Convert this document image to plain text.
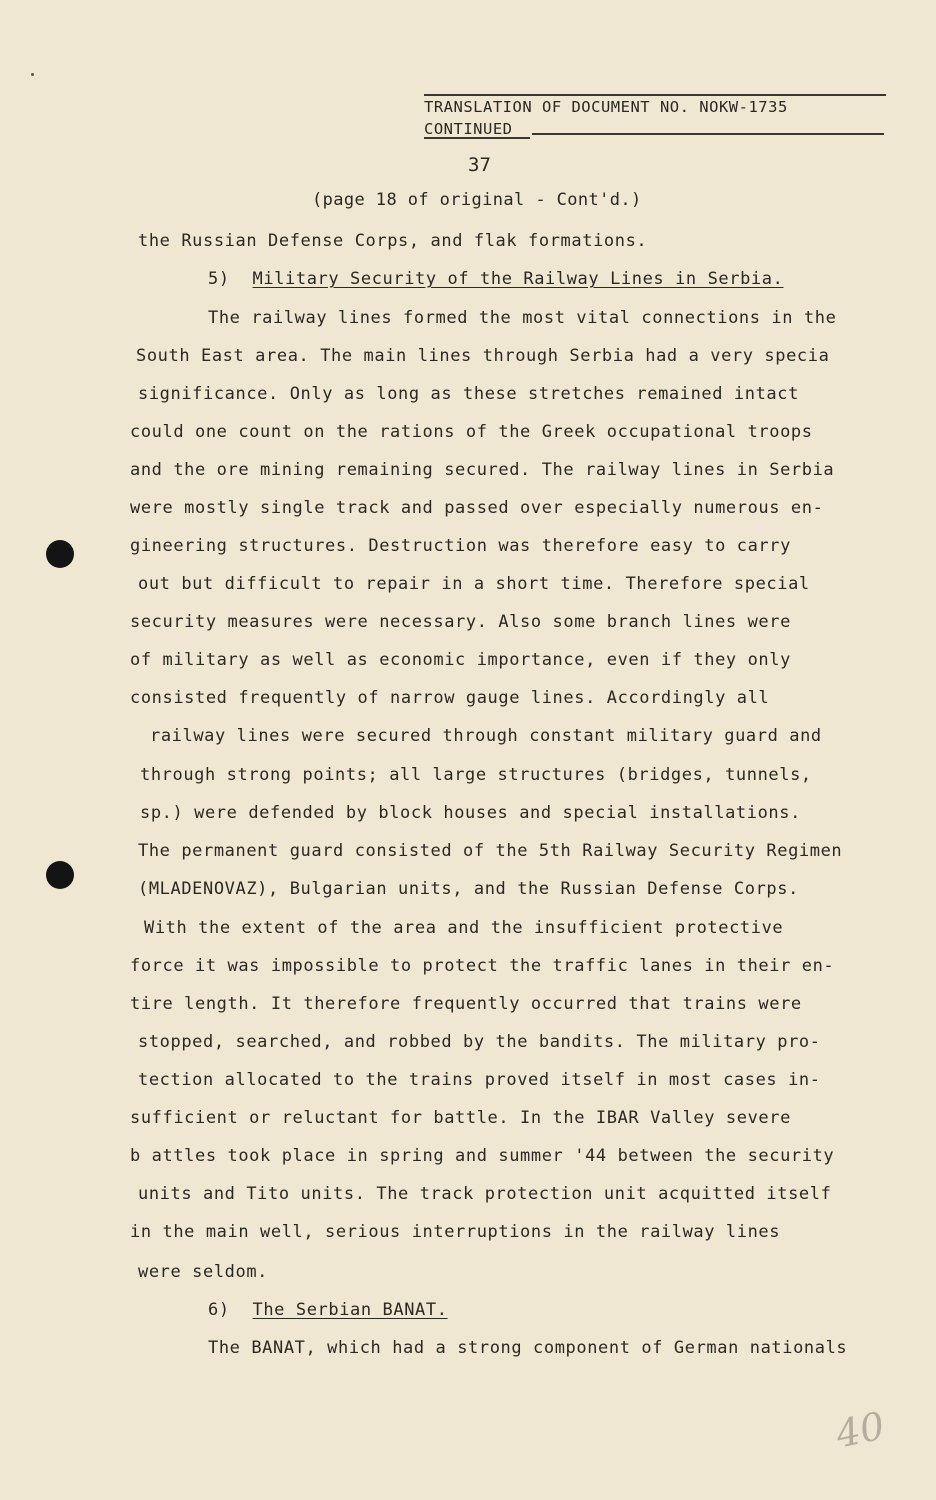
TRANSLATION OF DOCUMENT NO. NOKW-1735
CONTINUED
37
(page 18 of original - Cont'd.)
the Russian Defense Corps, and flak formations.
5) Military Security of the Railway Lines in Serbia.
The railway lines formed the most vital connections in the
South East area. The main lines through Serbia had a very specia
significance. Only as long as these stretches remained intact
could one count on the rations of the Greek occupational troops
and the ore mining remaining secured. The railway lines in Serbia
were mostly single track and passed over especially numerous en-
gineering structures. Destruction was therefore easy to carry
out but difficult to repair in a short time. Therefore special
security measures were necessary. Also some branch lines were
of military as well as economic importance, even if they only
consisted frequently of narrow gauge lines. Accordingly all
railway lines were secured through constant military guard and
through strong points; all large structures (bridges, tunnels,
sp.) were defended by block houses and special installations.
The permanent guard consisted of the 5th Railway Security Regimen
(MLADENOVAZ), Bulgarian units, and the Russian Defense Corps.
With the extent of the area and the insufficient protective
force it was impossible to protect the traffic lanes in their en-
tire length. It therefore frequently occurred that trains were
stopped, searched, and robbed by the bandits. The military pro-
tection allocated to the trains proved itself in most cases in-
sufficient or reluctant for battle. In the IBAR Valley severe
b attles took place in spring and summer '44 between the security
units and Tito units. The track protection unit acquitted itself
in the main well, serious interruptions in the railway lines
were seldom.
6) The Serbian BANAT.
The BANAT, which had a strong component of German nationals
40
